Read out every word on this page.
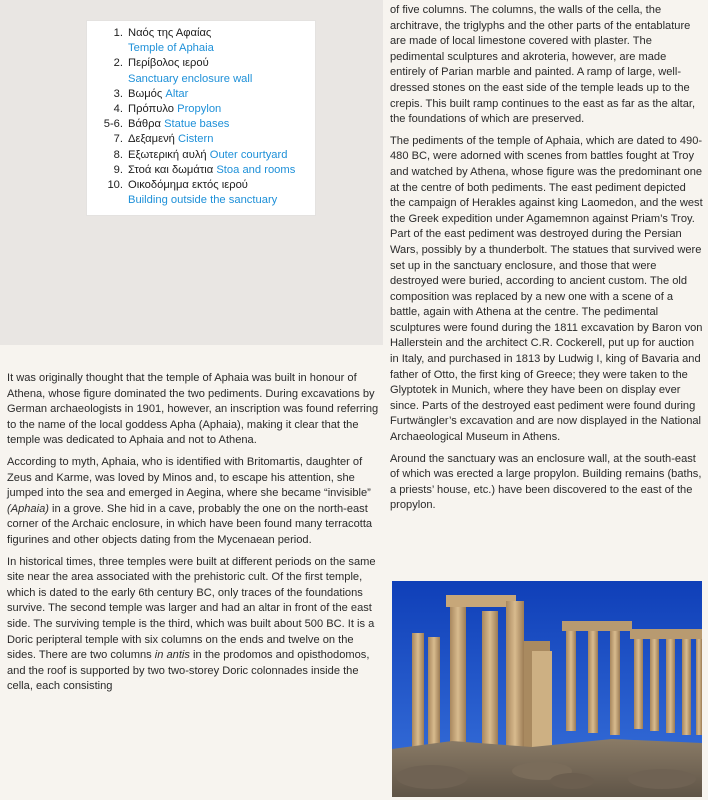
1. Ναός της Αφαίας
Temple of Aphaia
2. Περίβολος ιερού
Sanctuary enclosure wall
3. Βωμός Altar
4. Πρόπυλο Propylon
5-6. Βάθρα Statue bases
7. Δεξαμενή Cistern
8. Εξωτερική αυλή Outer courtyard
9. Στοά και δωμάτια Stoa and rooms
10. Οικοδόμημα εκτός ιερού
Building outside the sanctuary

It was originally thought that the temple of Aphaia was built in honour of Athena, whose figure dominated the two pediments. During excavations by German archaeologists in 1901, however, an inscription was found referring to the name of the local goddess Apha (Aphaia), making it clear that the temple was dedicated to Aphaia and not to Athena.

According to myth, Aphaia, who is identified with Britomartis, daughter of Zeus and Karme, was loved by Minos and, to escape his attention, she jumped into the sea and emerged in Aegina, where she became “invisible” (Aphaia) in a grove. She hid in a cave, probably the one on the north-east corner of the Archaic enclosure, in which have been found many terracotta figurines and other objects dating from the Mycenaean period.

In historical times, three temples were built at different periods on the same site near the area associated with the prehistoric cult. Of the first temple, which is dated to the early 6th century BC, only traces of the foundations survive. The second temple was larger and had an altar in front of the east side. The surviving temple is the third, which was built about 500 BC. It is a Doric peripteral temple with six columns on the ends and twelve on the sides. There are two columns in antis in the prodomos and opisthodomos, and the roof is supported by two two-storey Doric colonnades inside the cella, each consisting

of five columns. The columns, the walls of the cella, the architrave, the triglyphs and the other parts of the entablature are made of local limestone covered with plaster. The pedimental sculptures and akroteria, however, are made entirely of Parian marble and painted. A ramp of large, well-dressed stones on the east side of the temple leads up to the crepis. This built ramp continues to the east as far as the altar, the foundations of which are preserved.

The pediments of the temple of Aphaia, which are dated to 490-480 BC, were adorned with scenes from battles fought at Troy and watched by Athena, whose figure was the predominant one at the centre of both pediments. The east pediment depicted the campaign of Herakles against king Laomedon, and the west the Greek expedition under Agamemnon against Priam’s Troy. Part of the east pediment was destroyed during the Persian Wars, possibly by a thunderbolt. The statues that survived were set up in the sanctuary enclosure, and those that were destroyed were buried, according to ancient custom. The old composition was replaced by a new one with a scene of a battle, again with Athena at the centre. The pedimental sculptures were found during the 1811 excavation by Baron von Hallerstein and the architect C.R. Cockerell, put up for auction in Italy, and purchased in 1813 by Ludwig I, king of Bavaria and father of Otto, the first king of Greece; they were taken to the Glyptotek in Munich, where they have been on display ever since. Parts of the destroyed east pediment were found during Furtwängler’s excavation and are now displayed in the National Archaeological Museum in Athens.

Around the sanctuary was an enclosure wall, at the south-east of which was erected a large propylon. Building remains (baths, a priests’ house, etc.) have been discovered to the east of the propylon.
